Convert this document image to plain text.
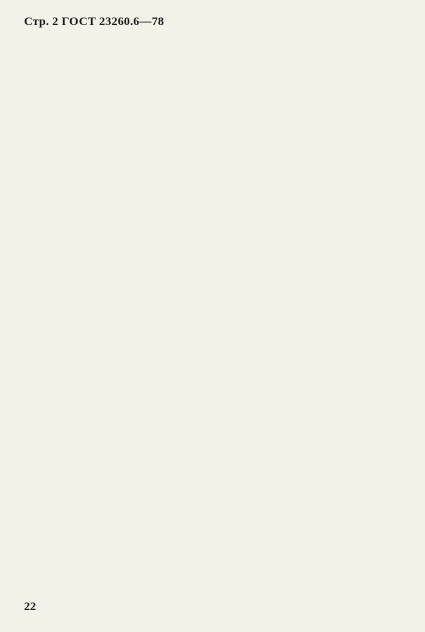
Стр. 2 ГОСТ 23260.6—78
22
